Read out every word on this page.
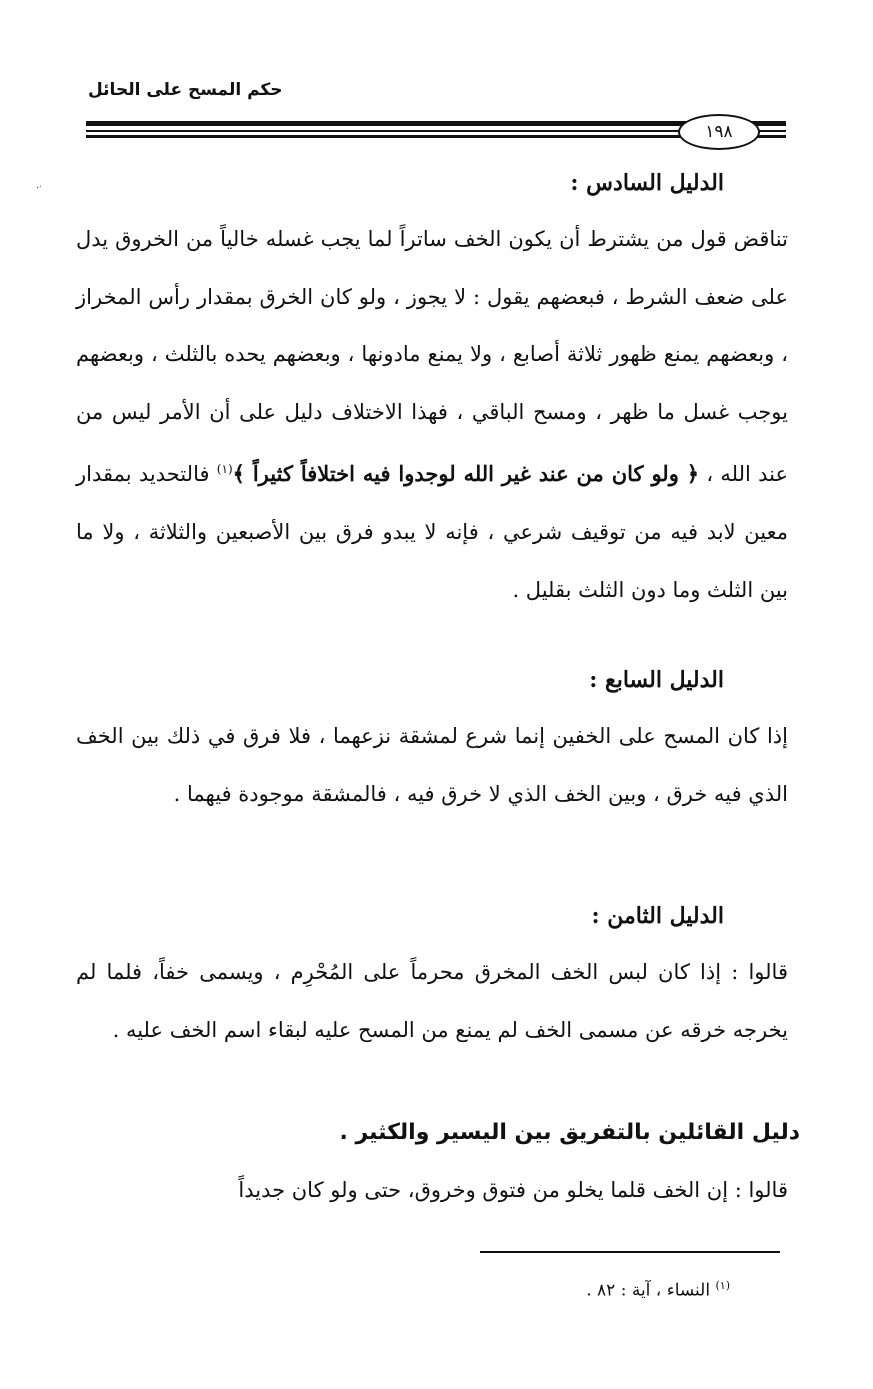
حكم المسح على الحائل
١٩٨
·׳	الدليل السادس :
تناقض قول من يشترط أن يكون الخف ساتراً لما يجب غسله خالياً من الخروق يدل على ضعف الشرط ، فبعضهم يقول : لا يجوز ، ولو كان الخرق بمقدار رأس المخراز ، وبعضهم يمنع ظهور ثلاثة أصابع ، ولا يمنع مادونها ، وبعضهم يحده بالثلث ، وبعضهم يوجب غسل ما ظهر ، ومسح الباقي ، فهذا الاختلاف دليل على أن الأمر ليس من عند الله ، ﴿ ولو كان من عند غير الله لوجدوا فيه اختلافاً كثيراً ﴾$^{(١)}$ فالتحديد بمقدار معين لابد فيه من توقيف شرعي ، فإنه لا يبدو فرق بين الأصبعين والثلاثة ، ولا ما بين الثلث وما دون الثلث بقليل .
الدليل السابع :
إذا كان المسح على الخفين إنما شرع لمشقة نزعهما ، فلا فرق في ذلك بين الخف الذي فيه خرق ، وبين الخف الذي لا خرق فيه ، فالمشقة موجودة فيهما .
الدليل الثامن :
قالوا : إذا كان لبس الخف المخرق محرماً على المُحْرِم ، ويسمى خفاً، فلما لم يخرجه خرقه عن مسمى الخف لم يمنع من المسح عليه لبقاء اسم الخف عليه .
دليل القائلين بالتفريق بين اليسير والكثير .
قالوا : إن الخف قلما يخلو من فتوق وخروق، حتى ولو كان جديداً
$^{(١)}$ النساء ، آية : ٨٢ .
